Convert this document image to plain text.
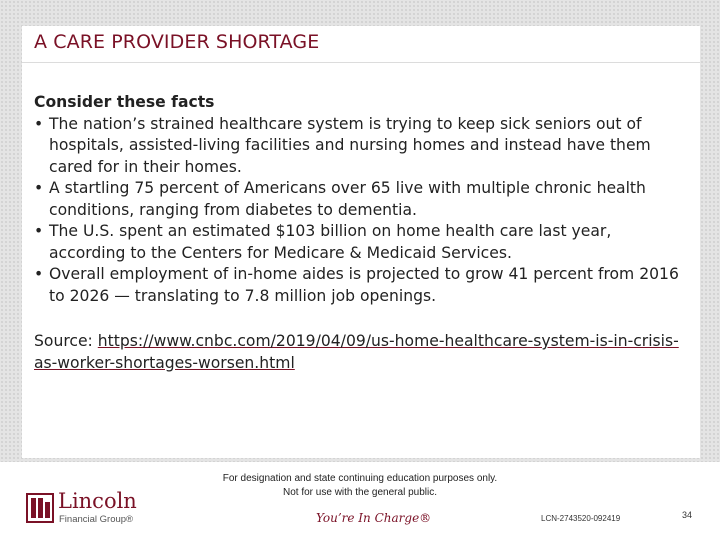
A CARE PROVIDER SHORTAGE
Consider these facts
• The nation’s strained healthcare system is trying to keep sick seniors out of hospitals, assisted-living facilities and nursing homes and instead have them cared for in their homes.
• A startling 75 percent of Americans over 65 live with multiple chronic health conditions, ranging from diabetes to dementia.
• The U.S. spent an estimated $103 billion on home health care last year, according to the Centers for Medicare & Medicaid Services.
• Overall employment of in-home aides is projected to grow 41 percent from 2016 to 2026 — translating to 7.8 million job openings.
Source: https://www.cnbc.com/2019/04/09/us-home-healthcare-system-is-in-crisis-as-worker-shortages-worsen.html
For designation and state continuing education purposes only.
Not for use with the general public.
Lincoln
Financial Group®	You’re In Charge®	LCN-2743520-092419	34
